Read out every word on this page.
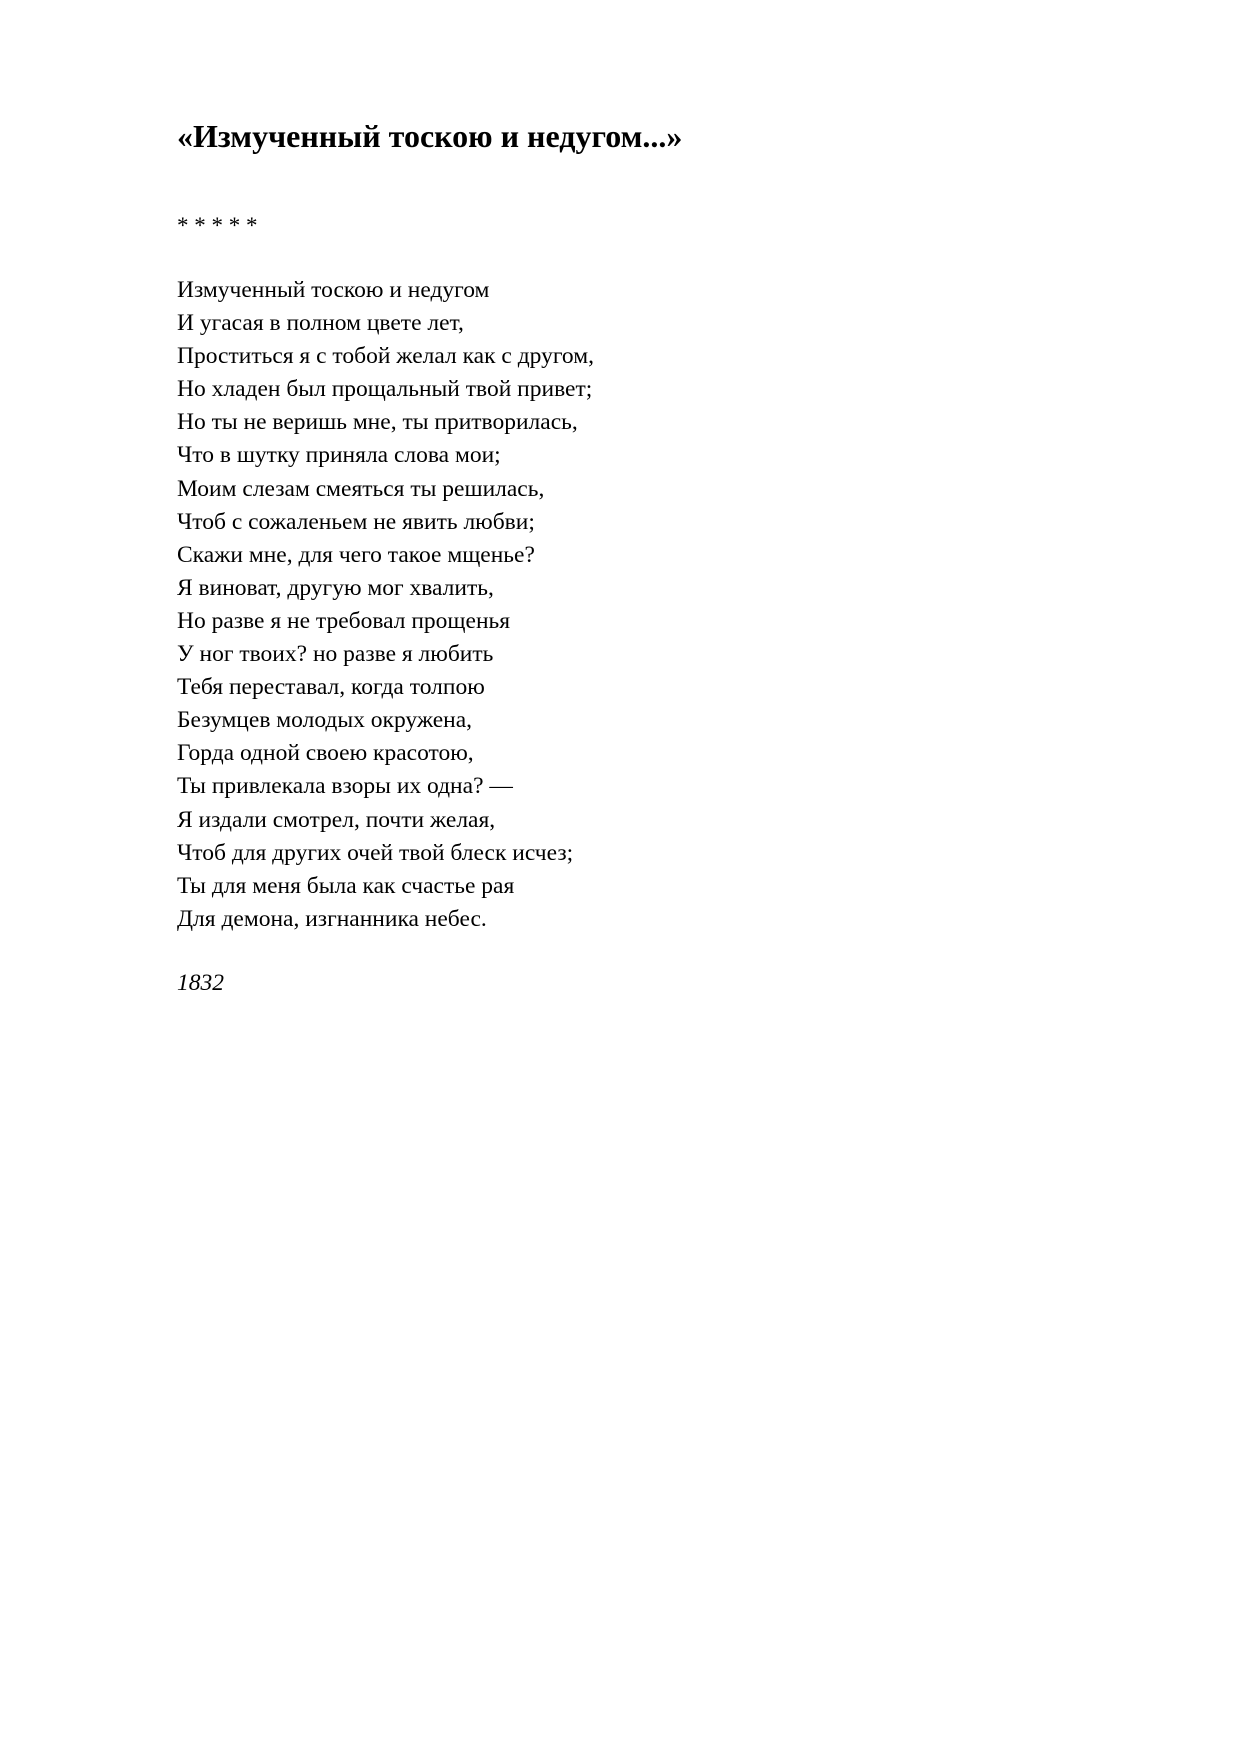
«Измученный тоскою и недугом...»
* * * * *
Измученный тоскою и недугом
И угасая в полном цвете лет,
Проститься я с тобой желал как с другом,
Но хладен был прощальный твой привет;
Но ты не веришь мне, ты притворилась,
Что в шутку приняла слова мои;
Моим слезам смеяться ты решилась,
Чтоб с сожаленьем не явить любви;
Скажи мне, для чего такое мщенье?
Я виноват, другую мог хвалить,
Но разве я не требовал прощенья
У ног твоих? но разве я любить
Тебя переставал, когда толпою
Безумцев молодых окружена,
Горда одной своею красотою,
Ты привлекала взоры их одна? —
Я издали смотрел, почти желая,
Чтоб для других очей твой блеск исчез;
Ты для меня была как счастье рая
Для демона, изгнанника небес.
1832
